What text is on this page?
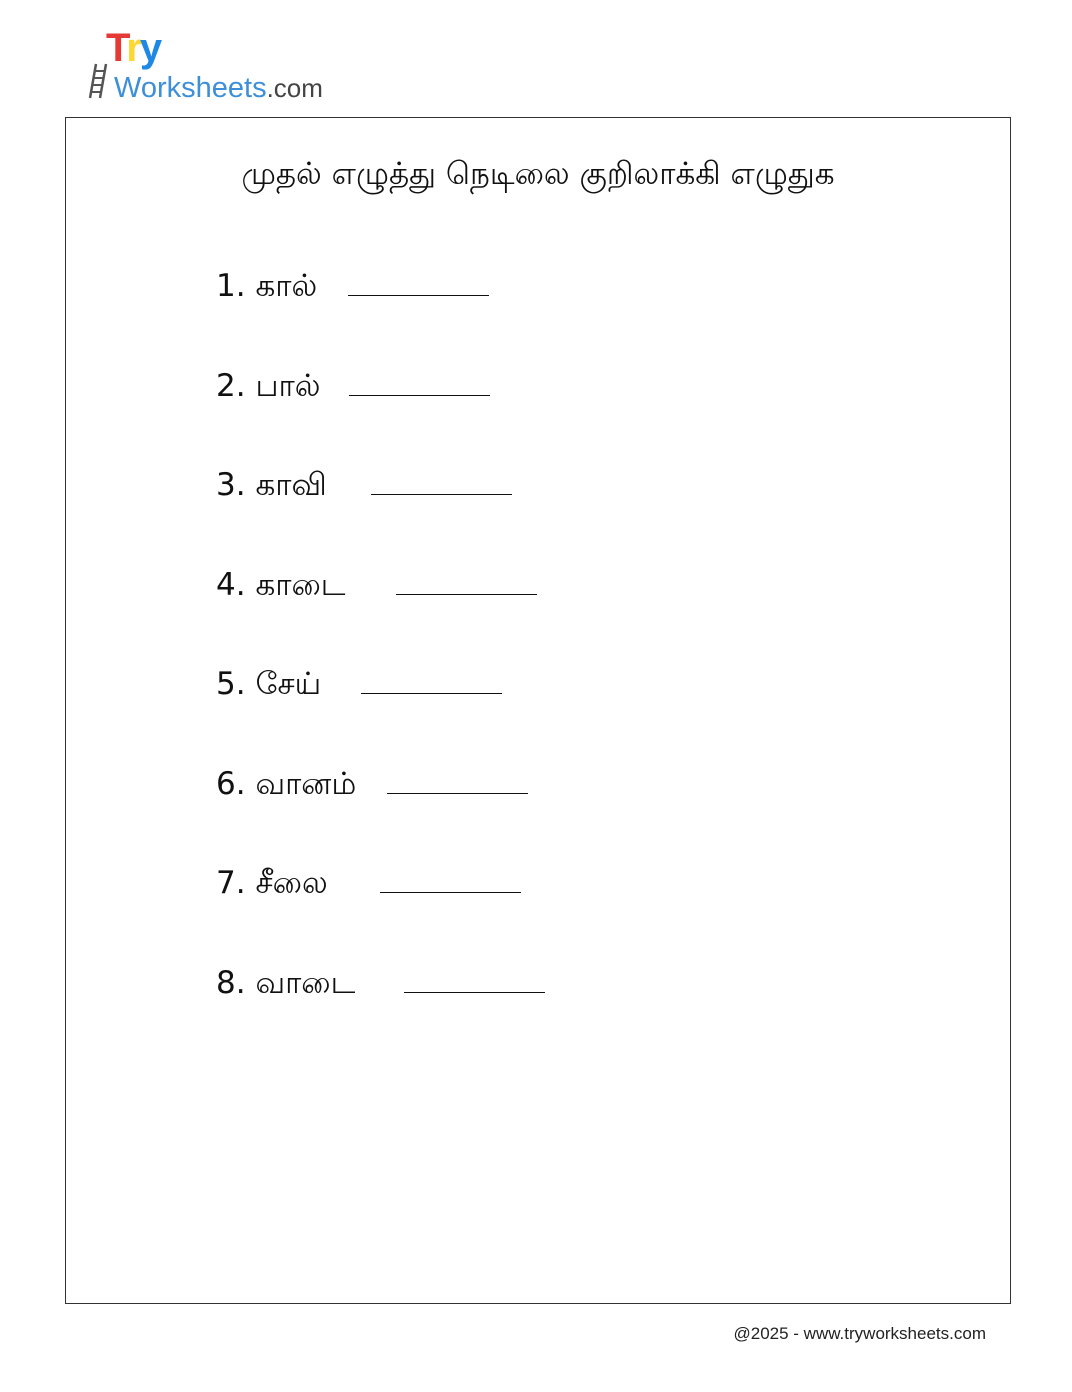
Try
Worksheets.com
முதல் எழுத்து நெடிலை குறிலாக்கி எழுதுக
1. கால்
2. பால்
3. காவி
4. காடை
5. சேய்
6. வானம்
7. சீலை
8. வாடை
@2025 - www.tryworksheets.com
